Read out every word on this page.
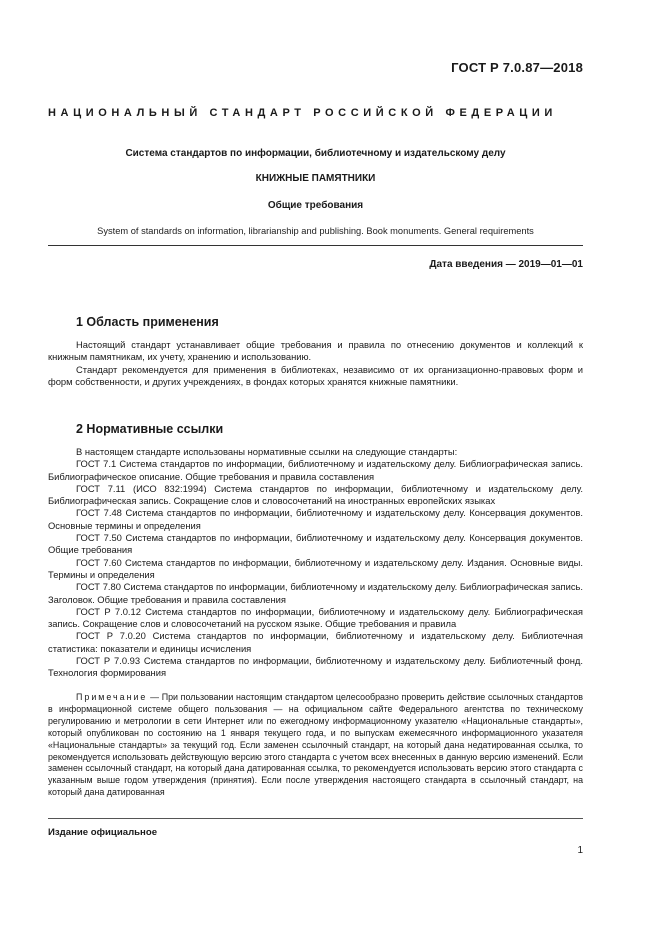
ГОСТ Р 7.0.87—2018
НАЦИОНАЛЬНЫЙ СТАНДАРТ РОССИЙСКОЙ ФЕДЕРАЦИИ
Система стандартов по информации, библиотечному и издательскому делу
КНИЖНЫЕ ПАМЯТНИКИ
Общие требования
System of standards on information, librarianship and publishing. Book monuments. General requirements
Дата введения — 2019—01—01
1 Область применения

Настоящий стандарт устанавливает общие требования и правила по отнесению документов и коллекций к книжным памятникам, их учету, хранению и использованию.

Стандарт рекомендуется для применения в библиотеках, независимо от их организационно-правовых форм и форм собственности, и других учреждениях, в фондах которых хранятся книжные памятники.

2 Нормативные ссылки

В настоящем стандарте использованы нормативные ссылки на следующие стандарты:

ГОСТ 7.1 Система стандартов по информации, библиотечному и издательскому делу. Библиографическая запись. Библиографическое описание. Общие требования и правила составления

ГОСТ 7.11 (ИСО 832:1994) Система стандартов по информации, библиотечному и издательскому делу. Библиографическая запись. Сокращение слов и словосочетаний на иностранных европейских языках

ГОСТ 7.48 Система стандартов по информации, библиотечному и издательскому делу. Консервация документов. Основные термины и определения

ГОСТ 7.50 Система стандартов по информации, библиотечному и издательскому делу. Консервация документов. Общие требования

ГОСТ 7.60 Система стандартов по информации, библиотечному и издательскому делу. Издания. Основные виды. Термины и определения

ГОСТ 7.80 Система стандартов по информации, библиотечному и издательскому делу. Библиографическая запись. Заголовок. Общие требования и правила составления

ГОСТ Р 7.0.12 Система стандартов по информации, библиотечному и издательскому делу. Библиографическая запись. Сокращение слов и словосочетаний на русском языке. Общие требования и правила

ГОСТ Р 7.0.20 Система стандартов по информации, библиотечному и издательскому делу. Библиотечная статистика: показатели и единицы исчисления

ГОСТ Р 7.0.93 Система стандартов по информации, библиотечному и издательскому делу. Библиотечный фонд. Технология формирования

Примечание — При пользовании настоящим стандартом целесообразно проверить действие ссылочных стандартов в информационной системе общего пользования — на официальном сайте Федерального агентства по техническому регулированию и метрологии в сети Интернет или по ежегодному информационному указателю «Национальные стандарты», который опубликован по состоянию на 1 января текущего года, и по выпускам ежемесячного информационного указателя «Национальные стандарты» за текущий год. Если заменен ссылочный стандарт, на который дана недатированная ссылка, то рекомендуется использовать действующую версию этого стандарта с учетом всех внесенных в данную версию изменений. Если заменен ссылочный стандарт, на который дана датированная ссылка, то рекомендуется использовать версию этого стандарта с указанным выше годом утверждения (принятия). Если после утверждения настоящего стандарта в ссылочный стандарт, на который дана датированная

Издание официальное
1
